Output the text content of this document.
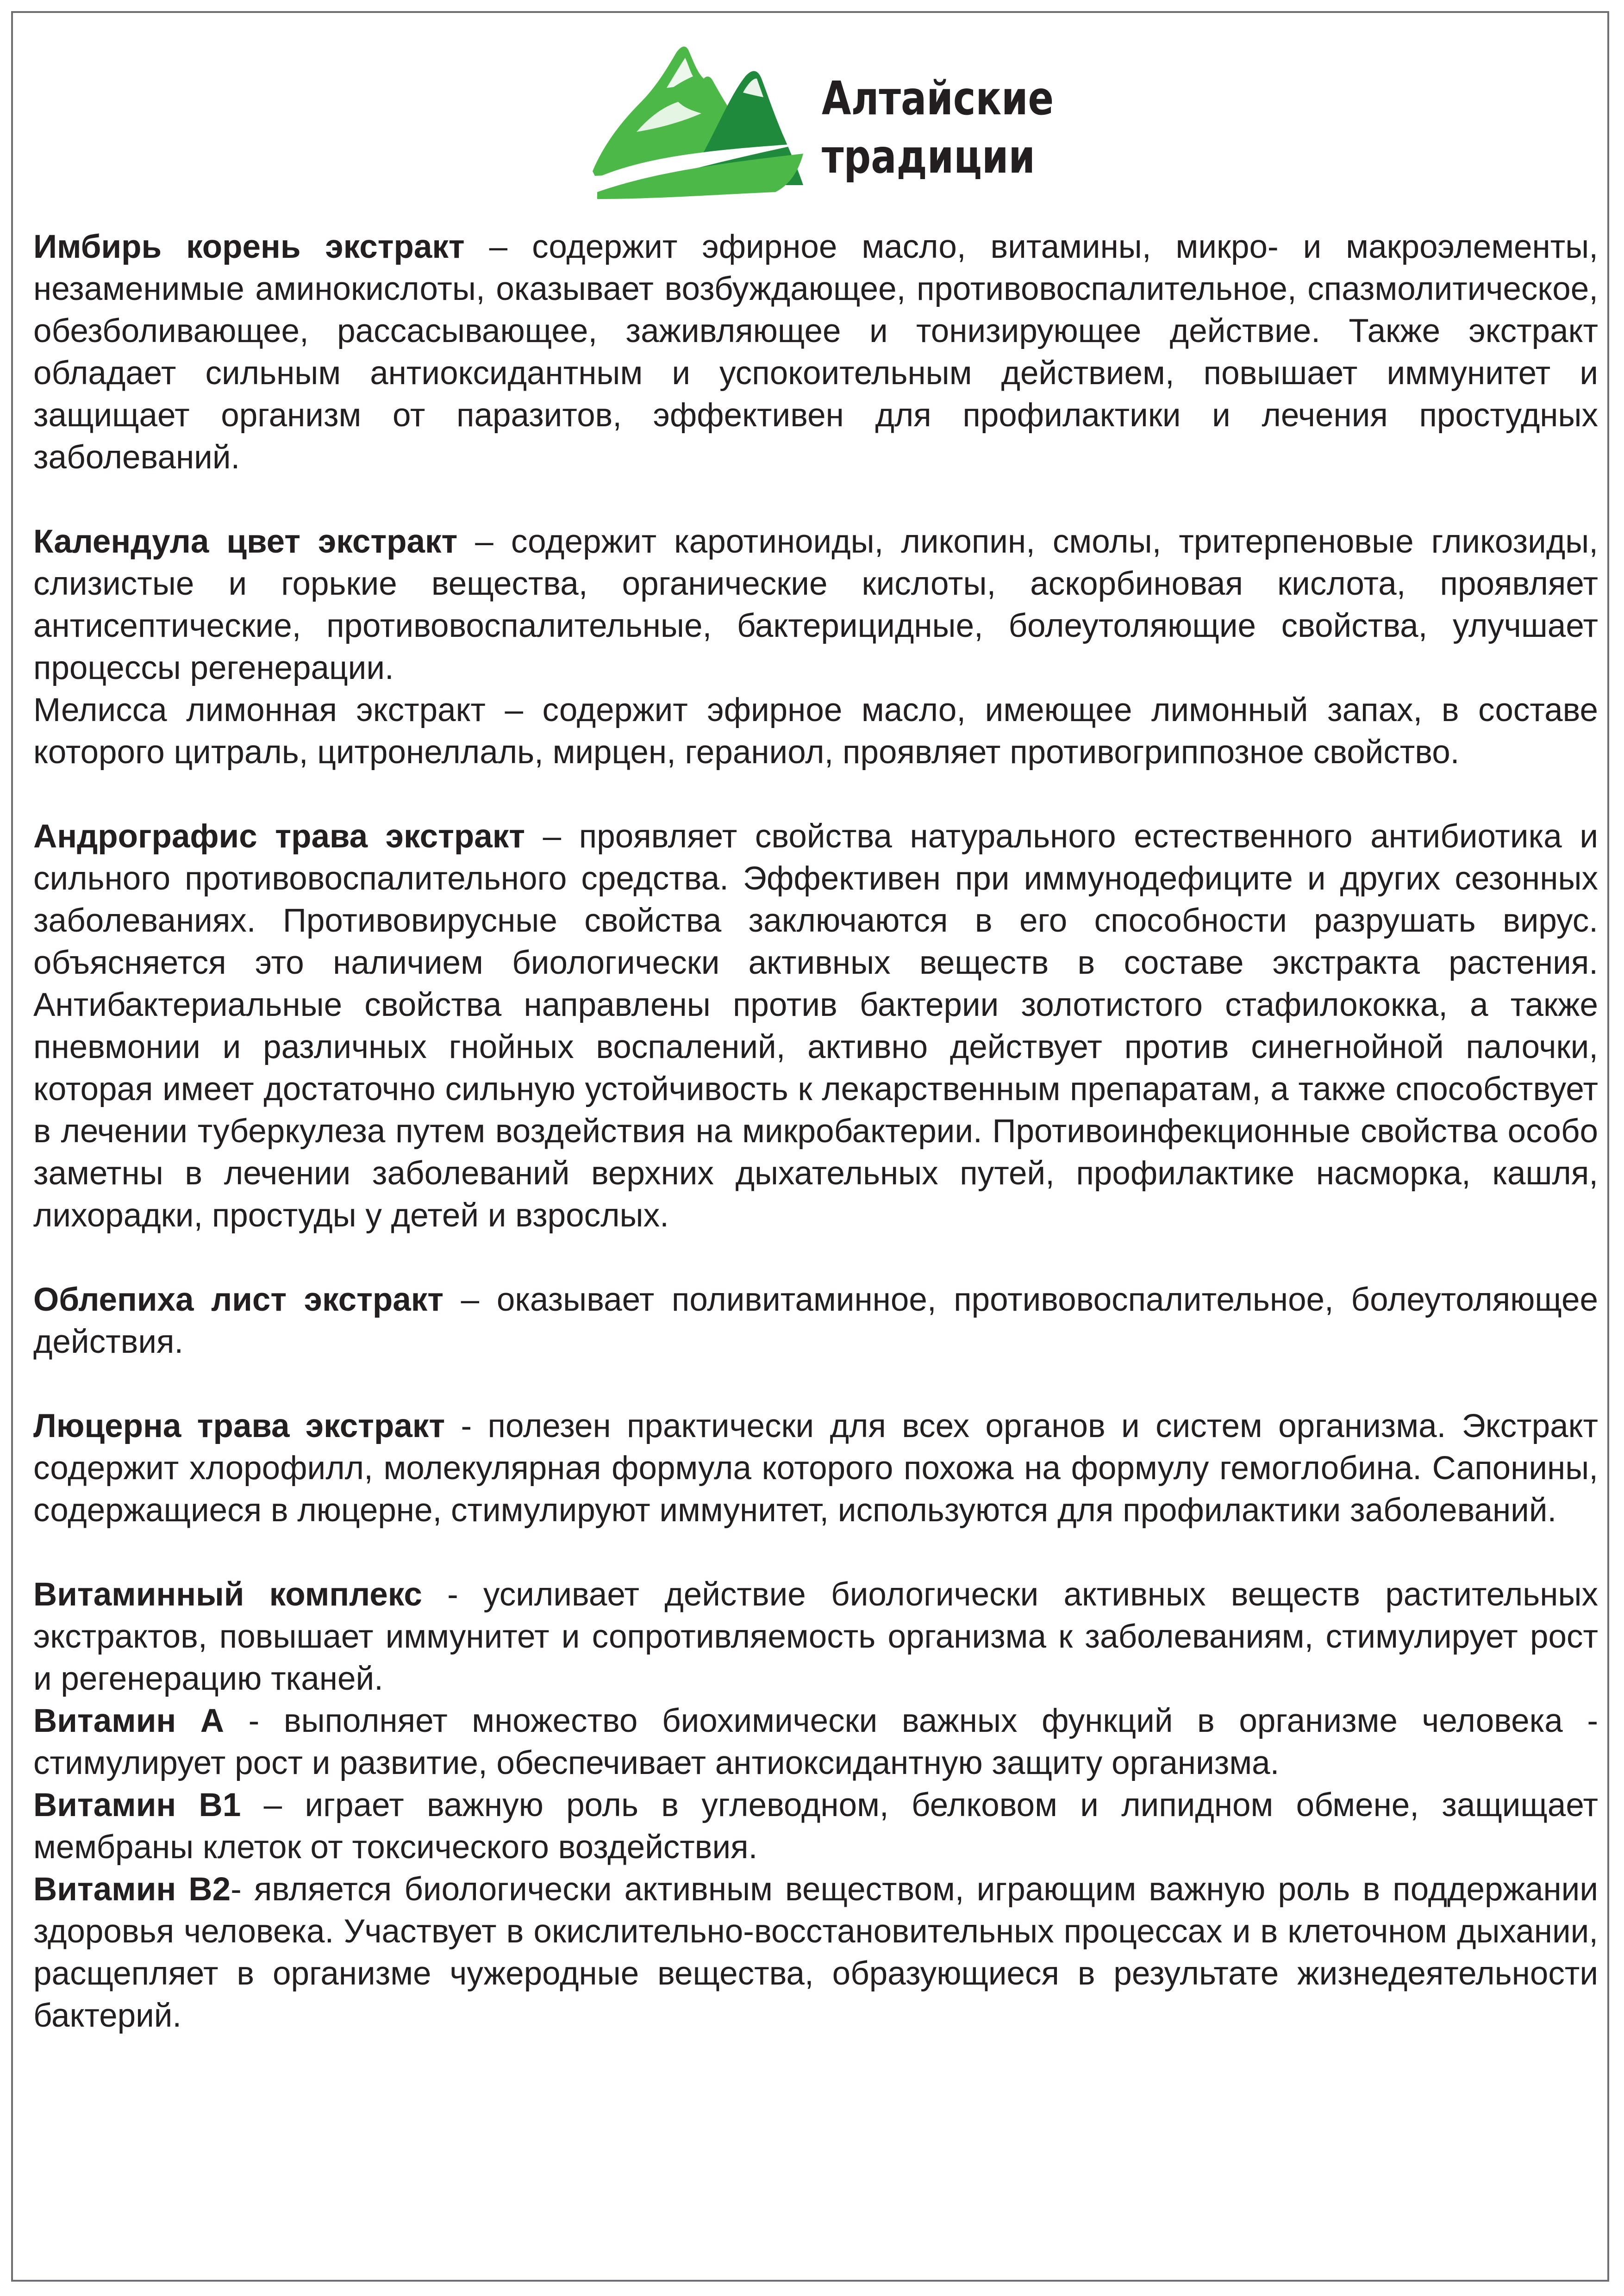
Алтайские
традиции

Имбирь корень экстракт – содержит эфирное масло, витамины, микро- и макроэлементы, незаменимые аминокислоты, оказывает возбуждающее, противовоспалительное, спазмолитическое, обезболивающее, рассасывающее, заживляющее и тонизирующее действие. Также экстракт обладает сильным антиоксидантным и успокоительным действием, повышает иммунитет и защищает организм от паразитов, эффективен для профилактики и лечения простудных заболеваний.

Календула цвет экстракт – содержит каротиноиды, ликопин, смолы, тритерпеновые гликозиды, слизистые и горькие вещества, органические кислоты, аскорбиновая кислота, проявляет антисептические, противовоспалительные, бактерицидные, болеутоляющие свойства, улучшает процессы регенерации.

Мелисса лимонная экстракт – содержит эфирное масло, имеющее лимонный запах, в составе которого цитраль, цитронеллаль, мирцен, гераниол, проявляет противогриппозное свойство.

Андрографис трава экстракт – проявляет свойства натурального естественного антибиотика и сильного противовоспалительного средства. Эффективен при иммунодефиците и других сезонных заболеваниях. Противовирусные свойства заключаются в его способности разрушать вирус. объясняется это наличием биологически активных веществ в составе экстракта растения. Антибактериальные свойства направлены против бактерии золотистого стафилококка, а также пневмонии и различных гнойных воспалений, активно действует против синегнойной палочки, которая имеет достаточно сильную устойчивость к лекарственным препаратам, а также способствует в лечении туберкулеза путем воздействия на микробактерии. Противоинфекционные свойства особо заметны в лечении заболеваний верхних дыхательных путей, профилактике насморка, кашля, лихорадки, простуды у детей и взрослых.

Облепиха лист экстракт – оказывает поливитаминное, противовоспалительное, болеутоляющее действия.

Люцерна трава экстракт - полезен практически для всех органов и систем организма. Экстракт содержит хлорофилл, молекулярная формула которого похожа на формулу гемоглобина. Сапонины, содержащиеся в люцерне, стимулируют иммунитет, используются для профилактики заболеваний.

Витаминный комплекс - усиливает действие биологически активных веществ растительных экстрактов, повышает иммунитет и сопротивляемость организма к заболеваниям, стимулирует рост и регенерацию тканей.

Витамин А - выполняет множество биохимически важных функций в организме человека - стимулирует рост и развитие, обеспечивает антиоксидантную защиту организма.

Витамин В1 – играет важную роль в углеводном, белковом и липидном обмене, защищает мембраны клеток от токсического воздействия.

Витамин В2- является биологически активным веществом, играющим важную роль в поддержании здоровья человека. Участвует в окислительно-восстановительных процессах и в клеточном дыхании, расщепляет в организме чужеродные вещества, образующиеся в результате жизнедеятельности бактерий.
